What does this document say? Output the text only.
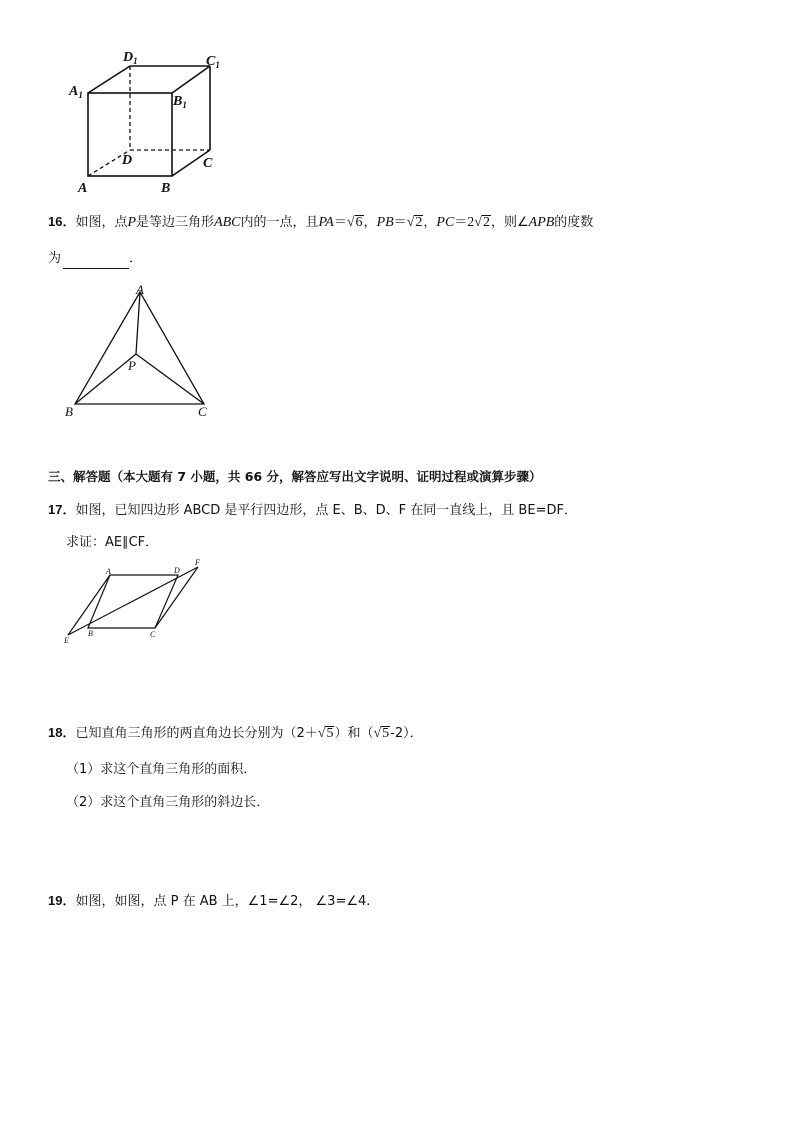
A	B
C
D
$A_1$	$B_1$
$C_1$
$D_1$
16．如图，点P是等边三角形ABC内的一点，且PA＝√6，PB＝√2，PC＝2√2，则∠APB的度数
为	．
A
B	C
P
三、解答题（本大题有 7 小题，共 66 分，解答应写出文字说明、证明过程或演算步骤）
17．如图，已知四边形 ABCD 是平行四边形，点 E、B、D、F 在同一直线上，且 BE=DF．
求证：AE∥CF．
A	D
F
B	C
E
18．已知直角三角形的两直角边长分别为（2＋√5）和（√5-2）．
（1）求这个直角三角形的面积．
（2）求这个直角三角形的斜边长．
19．如图，如图，点 P 在 AB 上，∠1=∠2， ∠3=∠4.
